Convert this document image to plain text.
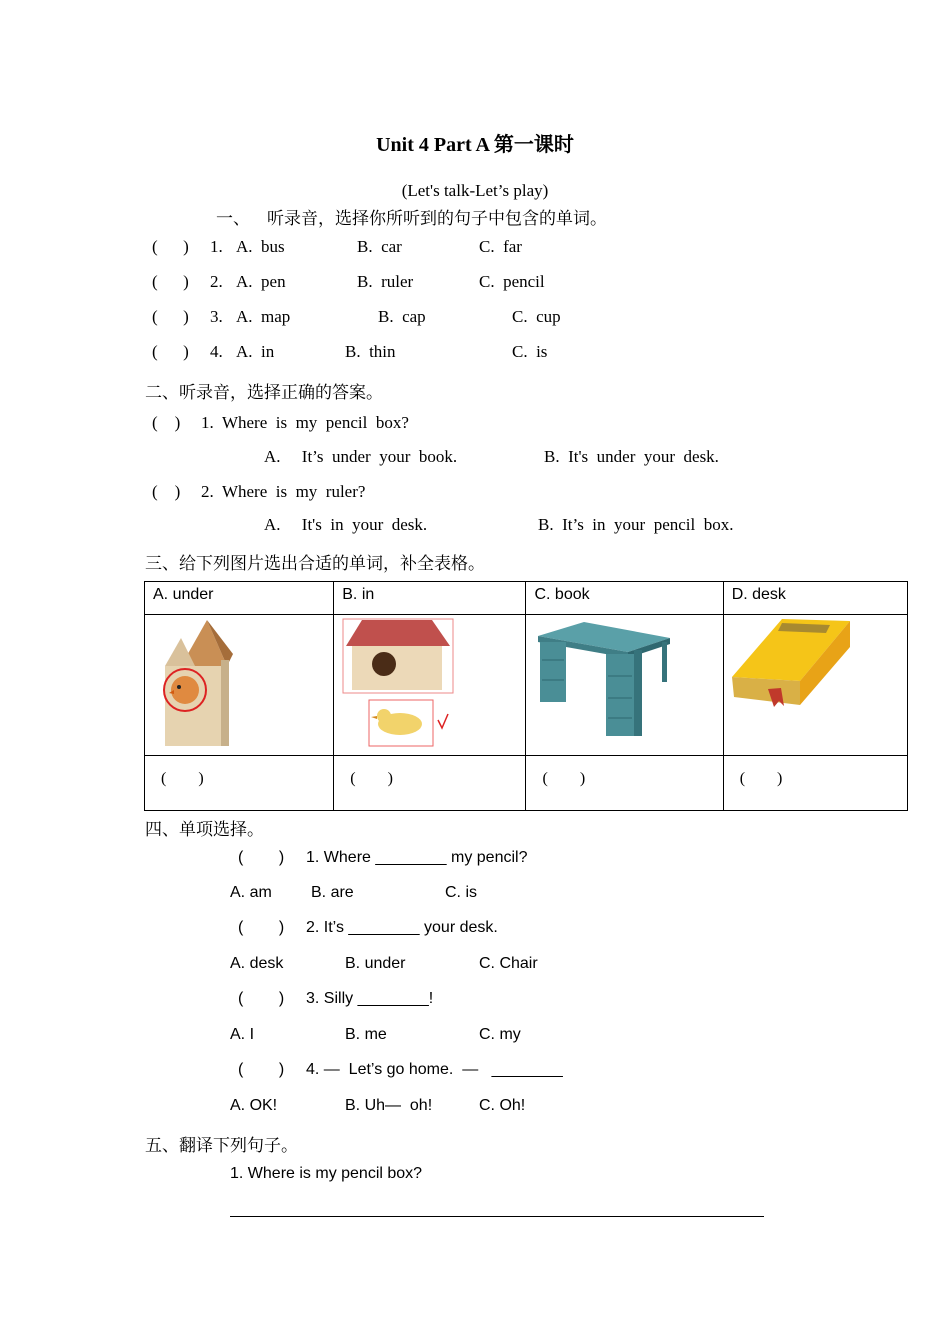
Unit 4 Part A 第一课时
(Let's talk-Let’s play)
一、    听录音，选择你所听到的句子中包含的单词。
(      ) 1. A.  bus	B.  car	C.  far
(      ) 2. A.  pen	B.  ruler	C.  pencil
(      ) 3. A.  map	B.  cap	C.  cup
(      ) 4. A.  in	B.  thin	C.  is
二、听录音，选择正确的答案。
(    ) 1.  Where  is  my  pencil  box?
A.     It’s  under  your  book.	B.  It's  under  your  desk.
(    ) 2.  Where  is  my  ruler?
A.     It's  in  your  desk.	B.  It’s  in  your  pencil  box.
三、给下列图片选出合适的单词，补全表格。
A. under	B. in	C. book	D. desk

(        )	(        )	(        )	(        )
四、单项选择。
(        ) 1. Where ________ my pencil?
A. am B. are	C. is
(        ) 2. It’s ________ your desk.
A. desk	B. under	C. Chair
(        ) 3. Silly ________!
A. I	B. me	C. my
(        ) 4. —  Let’s go home.  —   ________
A. OK!	B. Uh—  oh!	C. Oh!
五、翻译下列句子。
1. Where is my pencil box?
